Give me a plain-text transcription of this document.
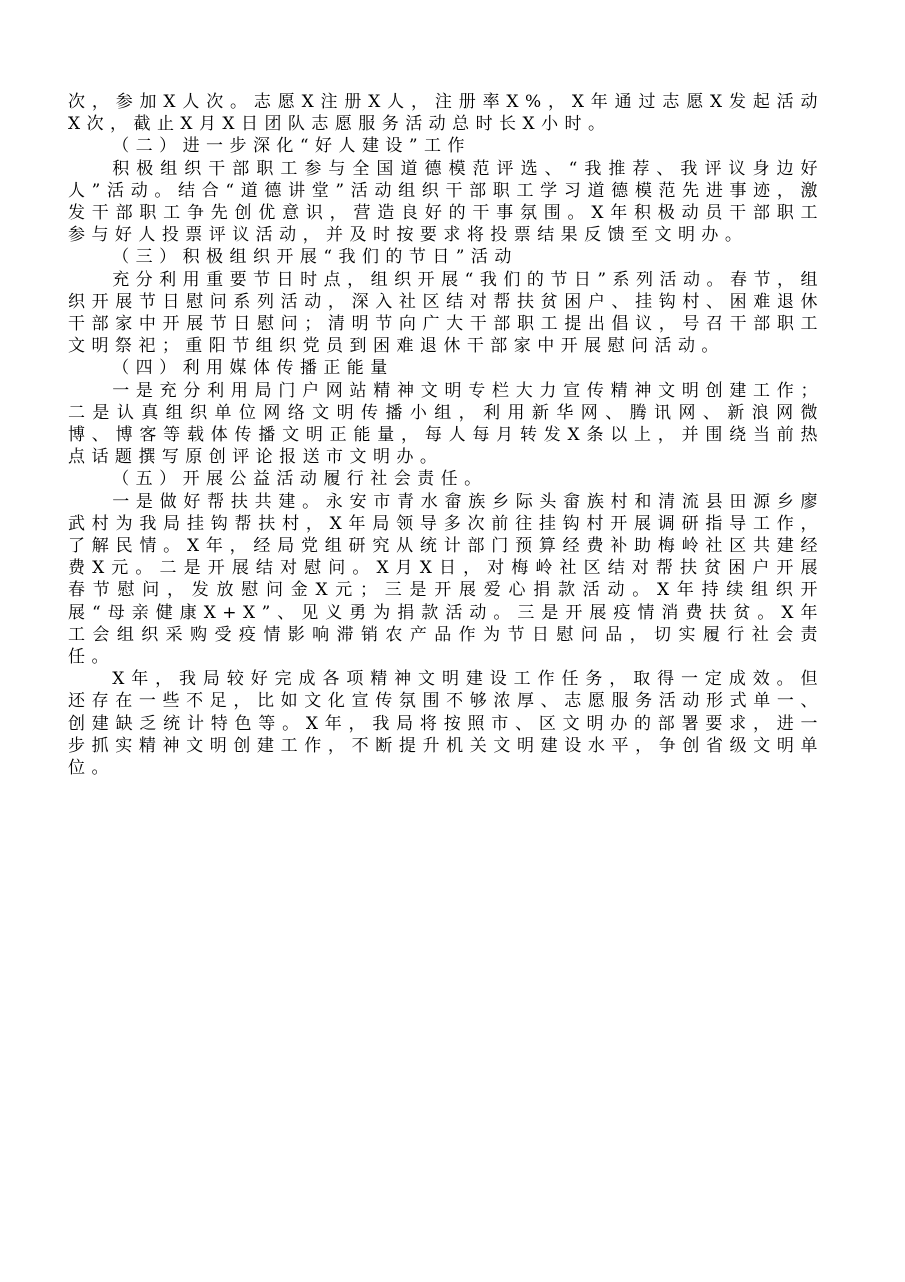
次，参加X人次。志愿X注册X人，注册率X%，X年通过志愿X发起活动X次，截止X月X日团队志愿服务活动总时长X小时。

（二）进一步深化“好人建设”工作

积极组织干部职工参与全国道德模范评选、“我推荐、我评议身边好人”活动。结合“道德讲堂”活动组织干部职工学习道德模范先进事迹，激发干部职工争先创优意识，营造良好的干事氛围。X年积极动员干部职工参与好人投票评议活动，并及时按要求将投票结果反馈至文明办。

（三）积极组织开展“我们的节日”活动

充分利用重要节日时点，组织开展“我们的节日”系列活动。春节，组织开展节日慰问系列活动，深入社区结对帮扶贫困户、挂钩村、困难退休干部家中开展节日慰问；清明节向广大干部职工提出倡议，号召干部职工文明祭祀；重阳节组织党员到困难退休干部家中开展慰问活动。

（四）利用媒体传播正能量

一是充分利用局门户网站精神文明专栏大力宣传精神文明创建工作；二是认真组织单位网络文明传播小组，利用新华网、腾讯网、新浪网微博、博客等载体传播文明正能量，每人每月转发X条以上，并围绕当前热点话题撰写原创评论报送市文明办。

（五）开展公益活动履行社会责任。

一是做好帮扶共建。永安市青水畲族乡际头畲族村和清流县田源乡廖武村为我局挂钩帮扶村，X年局领导多次前往挂钩村开展调研指导工作，了解民情。X年，经局党组研究从统计部门预算经费补助梅岭社区共建经费X元。二是开展结对慰问。X月X日，对梅岭社区结对帮扶贫困户开展春节慰问，发放慰问金X元；三是开展爱心捐款活动。X年持续组织开展“母亲健康X+X”、见义勇为捐款活动。三是开展疫情消费扶贫。X年工会组织采购受疫情影响滞销农产品作为节日慰问品，切实履行社会责任。

X年，我局较好完成各项精神文明建设工作任务，取得一定成效。但还存在一些不足，比如文化宣传氛围不够浓厚、志愿服务活动形式单一、创建缺乏统计特色等。X年，我局将按照市、区文明办的部署要求，进一步抓实精神文明创建工作，不断提升机关文明建设水平，争创省级文明单位。
